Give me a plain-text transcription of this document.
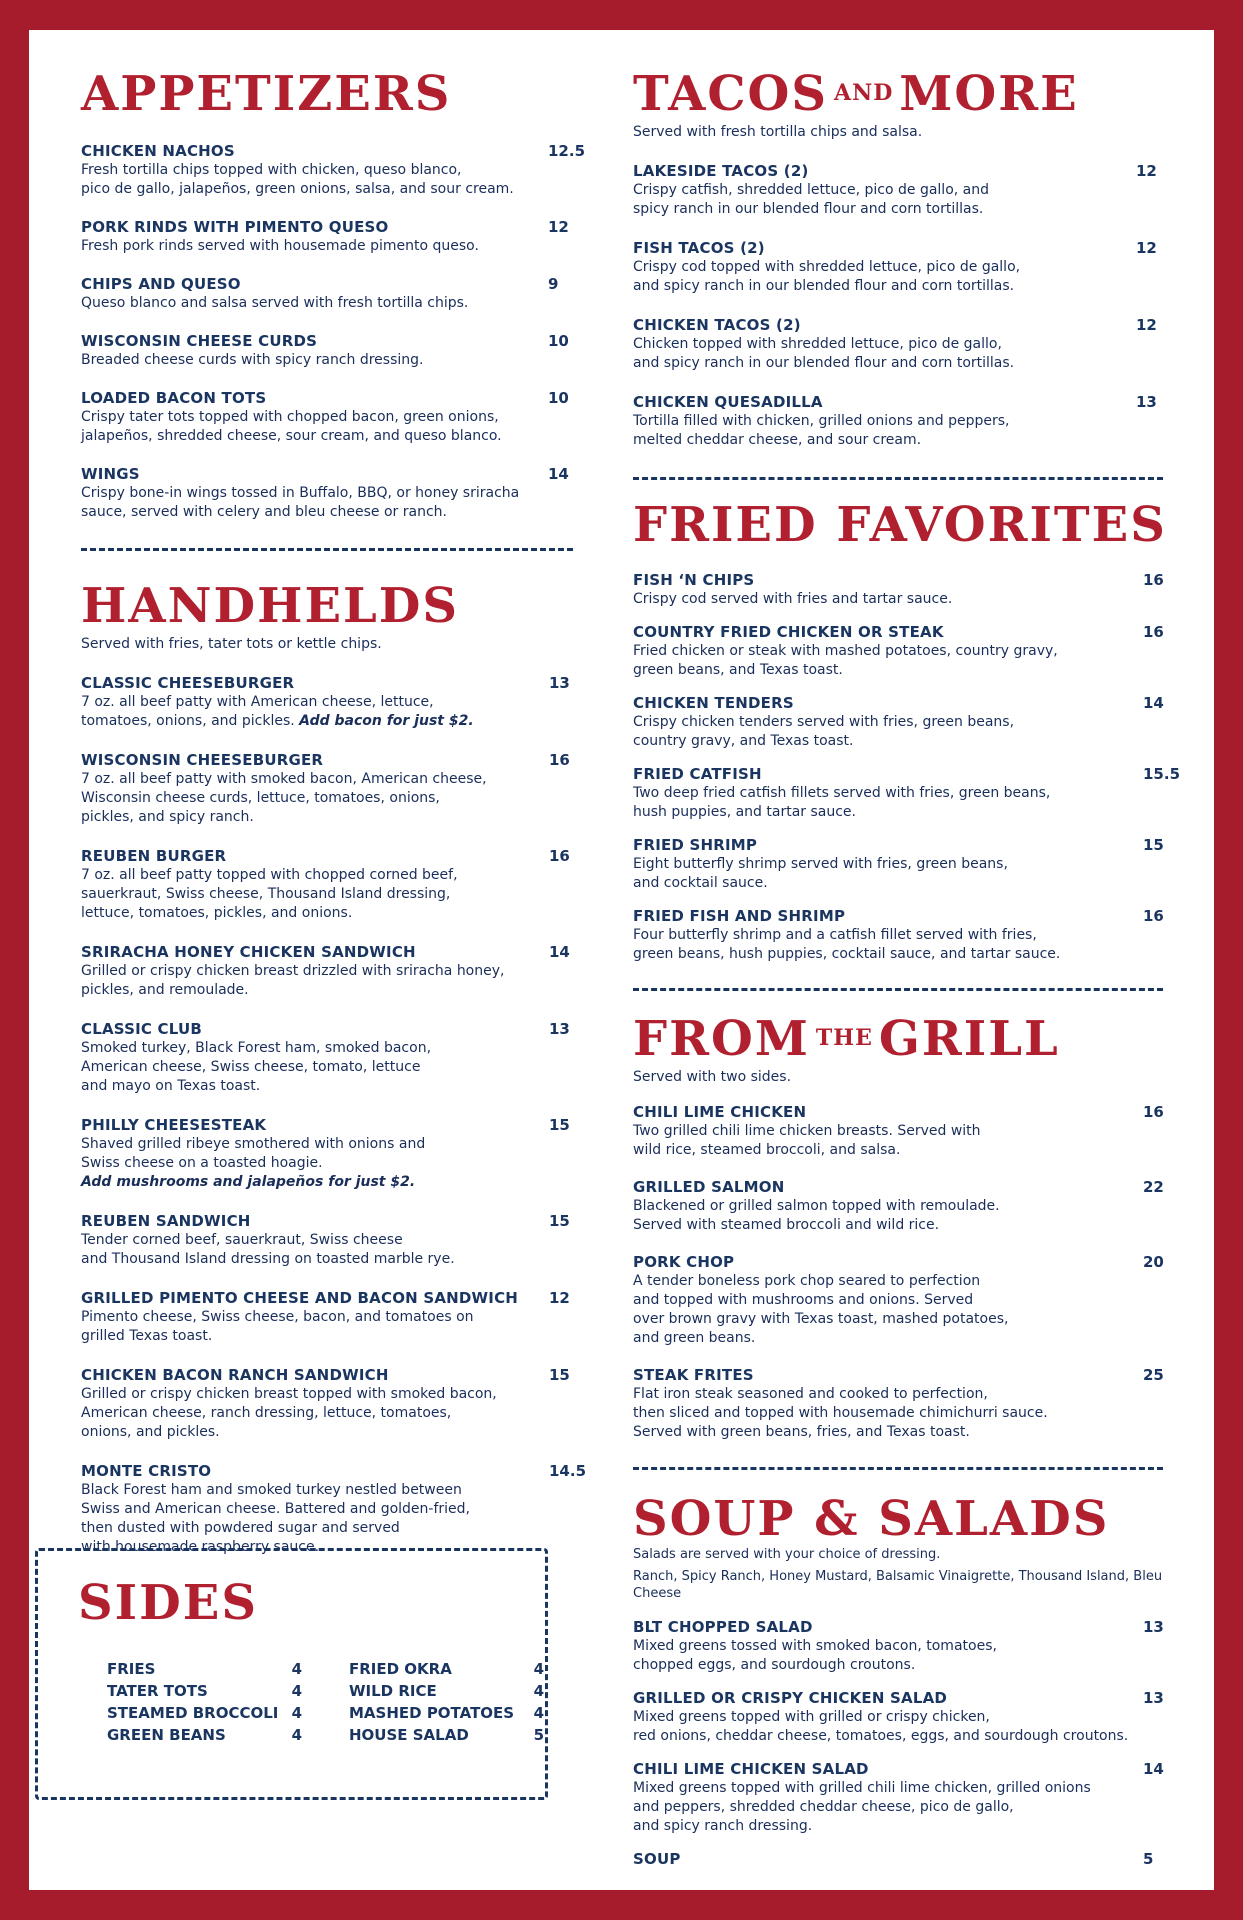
APPETIZERS
CHICKEN NACHOS	12.5
Fresh tortilla chips topped with chicken, queso blanco,
pico de gallo, jalapeños, green onions, salsa, and sour cream.
PORK RINDS WITH PIMENTO QUESO	12
Fresh pork rinds served with housemade pimento queso.
CHIPS AND QUESO	9
Queso blanco and salsa served with fresh tortilla chips.
WISCONSIN CHEESE CURDS	10
Breaded cheese curds with spicy ranch dressing.
LOADED BACON TOTS	10
Crispy tater tots topped with chopped bacon, green onions,
jalapeños, shredded cheese, sour cream, and queso blanco.
WINGS	14
Crispy bone-in wings tossed in Buffalo, BBQ, or honey sriracha
sauce, served with celery and bleu cheese or ranch.
HANDHELDS
Served with fries, tater tots or kettle chips.
CLASSIC CHEESEBURGER	13
7 oz. all beef patty with American cheese, lettuce,
tomatoes, onions, and pickles. Add bacon for just $2.
WISCONSIN CHEESEBURGER	16
7 oz. all beef patty with smoked bacon, American cheese,
Wisconsin cheese curds, lettuce, tomatoes, onions,
pickles, and spicy ranch.
REUBEN BURGER	16
7 oz. all beef patty topped with chopped corned beef,
sauerkraut, Swiss cheese, Thousand Island dressing,
lettuce, tomatoes, pickles, and onions.
SRIRACHA HONEY CHICKEN SANDWICH	14
Grilled or crispy chicken breast drizzled with sriracha honey,
pickles, and remoulade.
CLASSIC CLUB	13
Smoked turkey, Black Forest ham, smoked bacon,
American cheese, Swiss cheese, tomato, lettuce
and mayo on Texas toast.
PHILLY CHEESESTEAK	15
Shaved grilled ribeye smothered with onions and
Swiss cheese on a toasted hoagie.
Add mushrooms and jalapeños for just $2.
REUBEN SANDWICH	15
Tender corned beef, sauerkraut, Swiss cheese
and Thousand Island dressing on toasted marble rye.
GRILLED PIMENTO CHEESE AND BACON SANDWICH	12
Pimento cheese, Swiss cheese, bacon, and tomatoes on
grilled Texas toast.
CHICKEN BACON RANCH SANDWICH	15
Grilled or crispy chicken breast topped with smoked bacon,
American cheese, ranch dressing, lettuce, tomatoes,
onions, and pickles.
MONTE CRISTO	14.5
Black Forest ham and smoked turkey nestled between
Swiss and American cheese. Battered and golden-fried,
then dusted with powdered sugar and served
with housemade raspberry sauce.
SIDES
FRIES	4
TATER TOTS	4
STEAMED BROCCOLI 4
GREEN BEANS	4
FRIED OKRA	4
WILD RICE	4
MASHED POTATOES 4
HOUSE SALAD	5
TACOS $^{AND}$ MORE
Served with fresh tortilla chips and salsa.
LAKESIDE TACOS (2)	12
Crispy catfish, shredded lettuce, pico de gallo, and
spicy ranch in our blended flour and corn tortillas.
FISH TACOS (2)	12
Crispy cod topped with shredded lettuce, pico de gallo,
and spicy ranch in our blended flour and corn tortillas.
CHICKEN TACOS (2)	12
Chicken topped with shredded lettuce, pico de gallo,
and spicy ranch in our blended flour and corn tortillas.
CHICKEN QUESADILLA	13
Tortilla filled with chicken, grilled onions and peppers,
melted cheddar cheese, and sour cream.
FRIED FAVORITES
FISH ‘N CHIPS	16
Crispy cod served with fries and tartar sauce.
COUNTRY FRIED CHICKEN OR STEAK	16
Fried chicken or steak with mashed potatoes, country gravy,
green beans, and Texas toast.
CHICKEN TENDERS	14
Crispy chicken tenders served with fries, green beans,
country gravy, and Texas toast.
FRIED CATFISH	15.5
Two deep fried catfish fillets served with fries, green beans,
hush puppies, and tartar sauce.
FRIED SHRIMP	15
Eight butterfly shrimp served with fries, green beans,
and cocktail sauce.
FRIED FISH AND SHRIMP	16
Four butterfly shrimp and a catfish fillet served with fries,
green beans, hush puppies, cocktail sauce, and tartar sauce.
FROM $^{THE}$ GRILL
Served with two sides.
CHILI LIME CHICKEN	16
Two grilled chili lime chicken breasts. Served with
wild rice, steamed broccoli, and salsa.
GRILLED SALMON	22
Blackened or grilled salmon topped with remoulade.
Served with steamed broccoli and wild rice.
PORK CHOP	20
A tender boneless pork chop seared to perfection
and topped with mushrooms and onions. Served
over brown gravy with Texas toast, mashed potatoes,
and green beans.
STEAK FRITES	25
Flat iron steak seasoned and cooked to perfection,
then sliced and topped with housemade chimichurri sauce.
Served with green beans, fries, and Texas toast.
SOUP & SALADS
Salads are served with your choice of dressing.
Ranch, Spicy Ranch, Honey Mustard, Balsamic Vinaigrette, Thousand Island, Bleu Cheese
BLT CHOPPED SALAD	13
Mixed greens tossed with smoked bacon, tomatoes,
chopped eggs, and sourdough croutons.
GRILLED OR CRISPY CHICKEN SALAD	13
Mixed greens topped with grilled or crispy chicken,
red onions, cheddar cheese, tomatoes, eggs, and sourdough croutons.
CHILI LIME CHICKEN SALAD	14
Mixed greens topped with grilled chili lime chicken, grilled onions
and peppers, shredded cheddar cheese, pico de gallo,
and spicy ranch dressing.
SOUP	5
